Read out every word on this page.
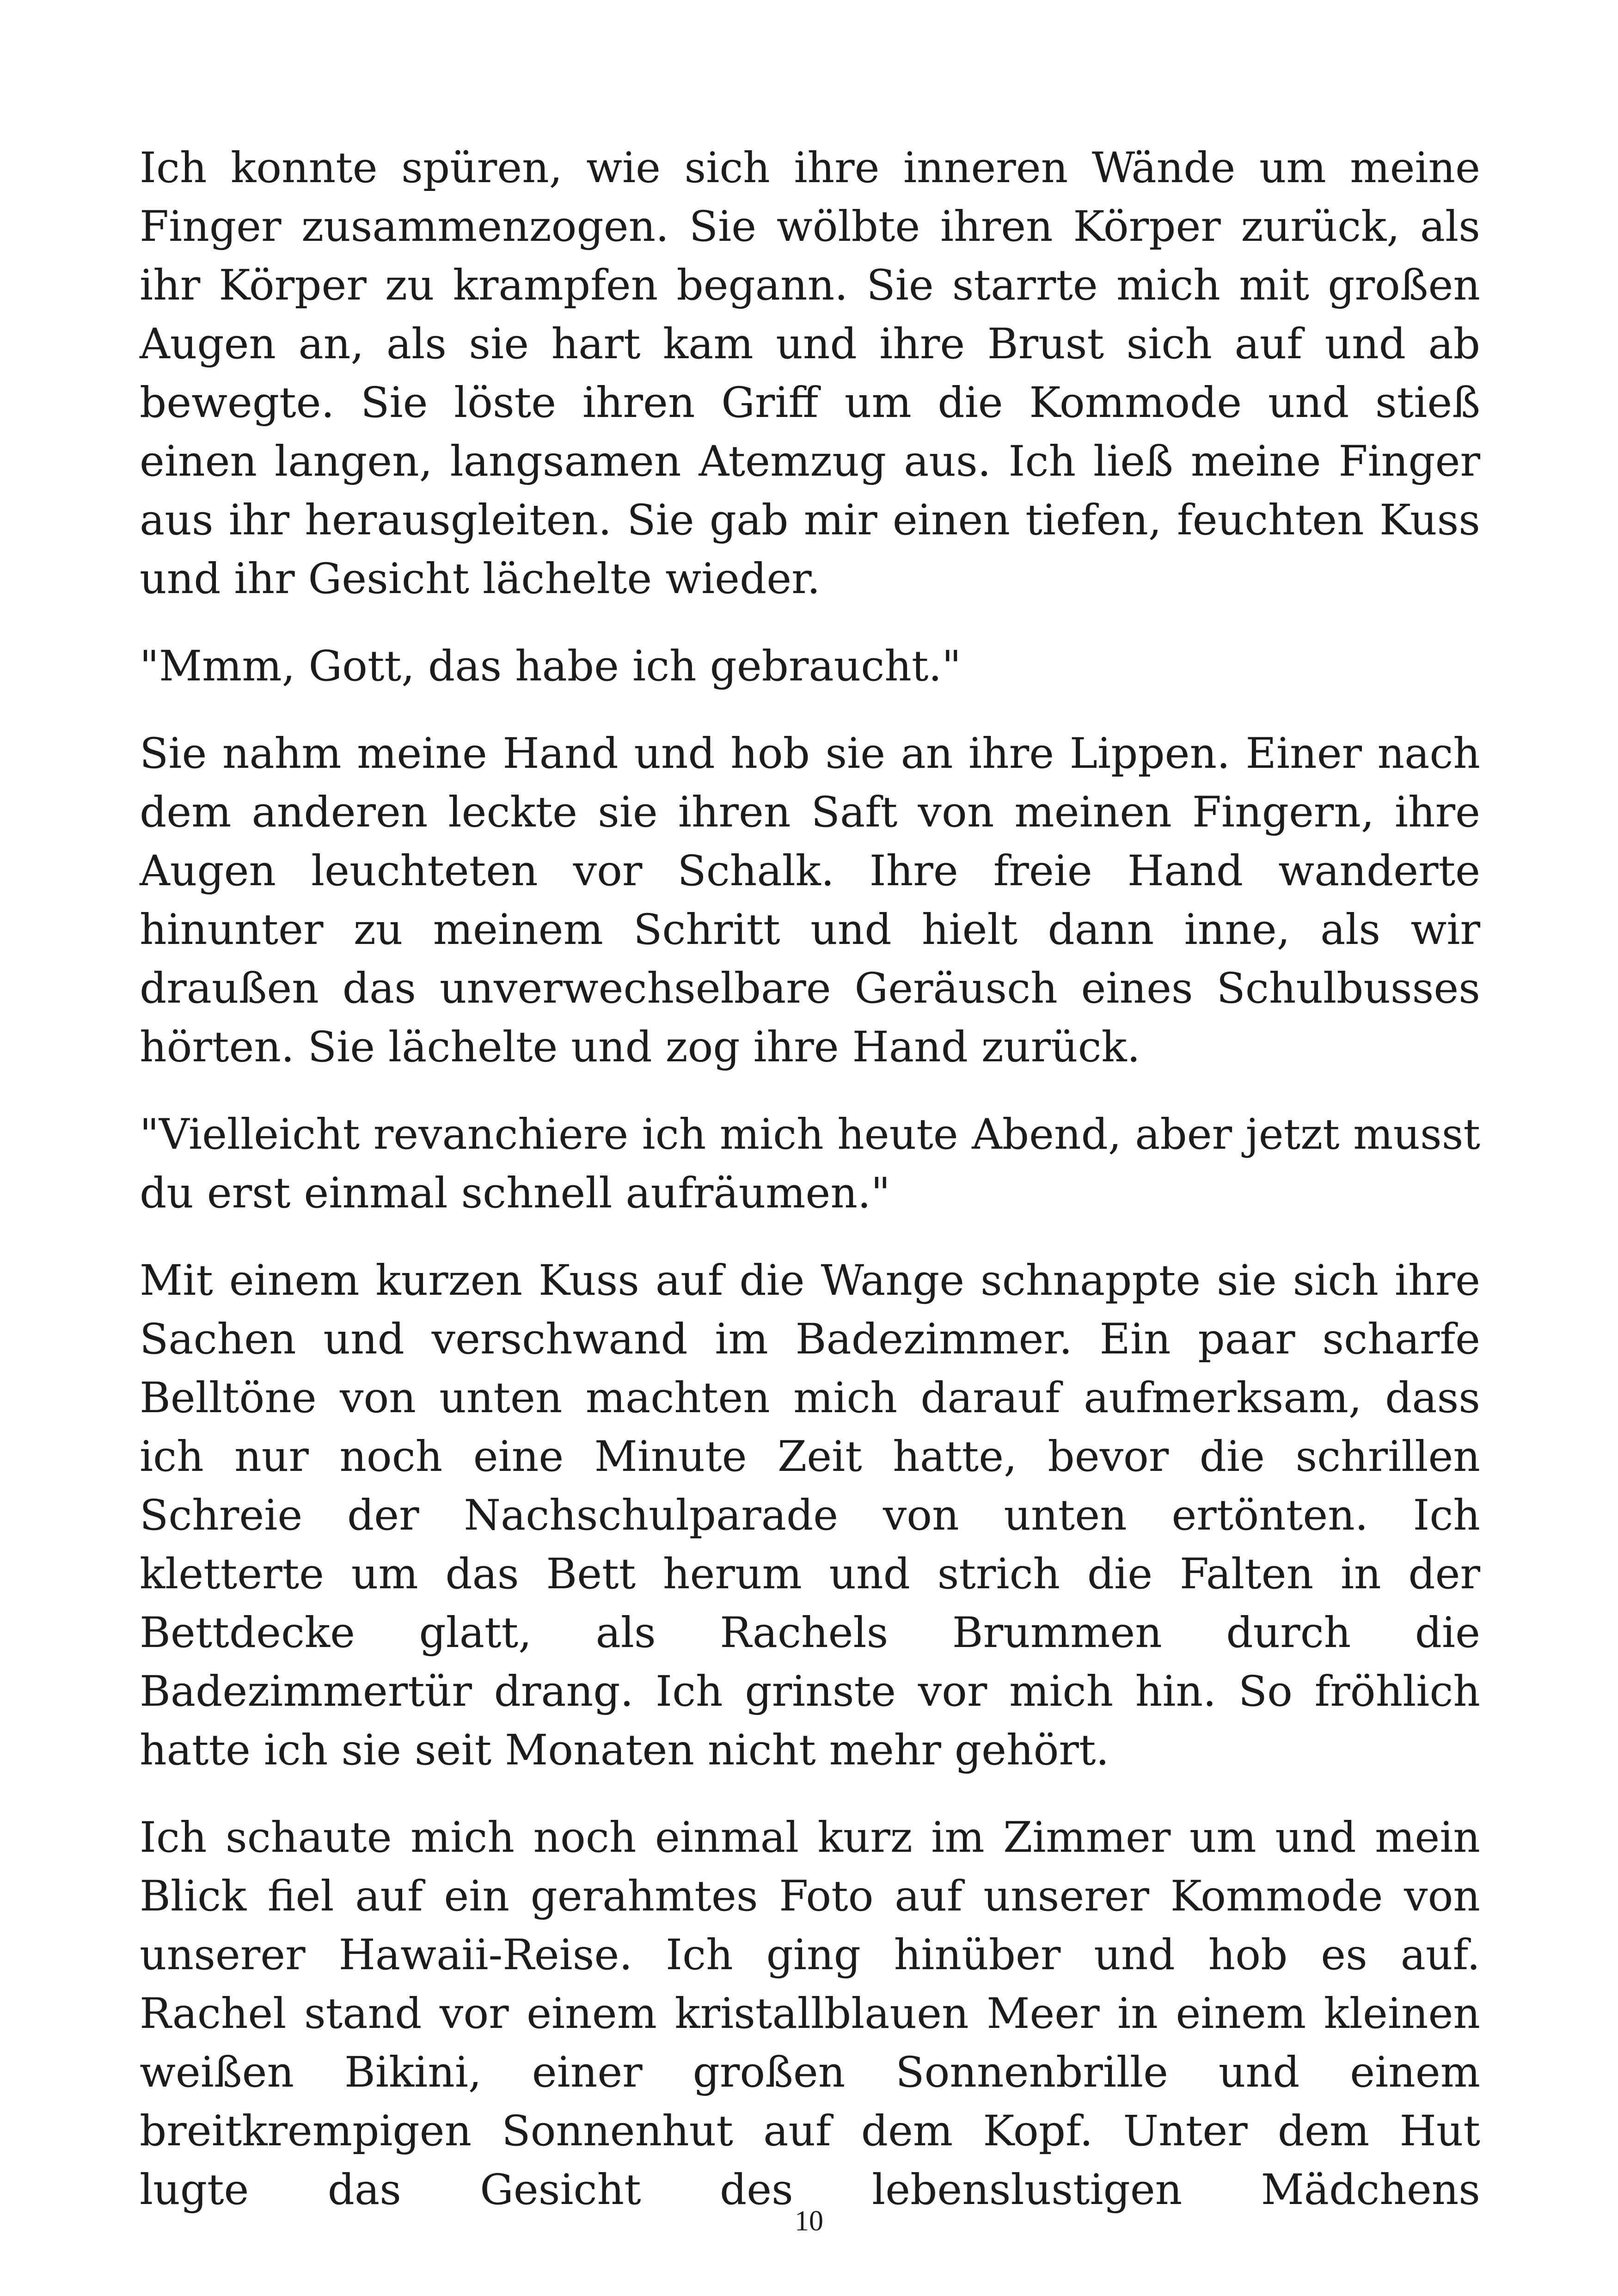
Ich konnte spüren, wie sich ihre inneren Wände um meine Finger zusammenzogen. Sie wölbte ihren Körper zurück, als ihr Körper zu krampfen begann. Sie starrte mich mit großen Augen an, als sie hart kam und ihre Brust sich auf und ab bewegte. Sie löste ihren Griff um die Kommode und stieß einen langen, langsamen Atemzug aus. Ich ließ meine Finger aus ihr herausgleiten. Sie gab mir einen tiefen, feuchten Kuss und ihr Gesicht lächelte wieder.

"Mmm, Gott, das habe ich gebraucht."

Sie nahm meine Hand und hob sie an ihre Lippen. Einer nach dem anderen leckte sie ihren Saft von meinen Fingern, ihre Augen leuchteten vor Schalk. Ihre freie Hand wanderte hinunter zu meinem Schritt und hielt dann inne, als wir draußen das unverwechselbare Geräusch eines Schulbusses hörten. Sie lächelte und zog ihre Hand zurück.

"Vielleicht revanchiere ich mich heute Abend, aber jetzt musst du erst einmal schnell aufräumen."

Mit einem kurzen Kuss auf die Wange schnappte sie sich ihre Sachen und verschwand im Badezimmer. Ein paar scharfe Belltöne von unten machten mich darauf aufmerksam, dass ich nur noch eine Minute Zeit hatte, bevor die schrillen Schreie der Nachschulparade von unten ertönten. Ich kletterte um das Bett herum und strich die Falten in der Bettdecke glatt, als Rachels Brummen durch die Badezimmertür drang. Ich grinste vor mich hin. So fröhlich hatte ich sie seit Monaten nicht mehr gehört.

Ich schaute mich noch einmal kurz im Zimmer um und mein Blick fiel auf ein gerahmtes Foto auf unserer Kommode von unserer Hawaii-Reise. Ich ging hinüber und hob es auf. Rachel stand vor einem kristallblauen Meer in einem kleinen weißen Bikini, einer großen Sonnenbrille und einem breitkrempigen Sonnenhut auf dem Kopf. Unter dem Hut lugte das Gesicht des lebenslustigen Mädchens

10
